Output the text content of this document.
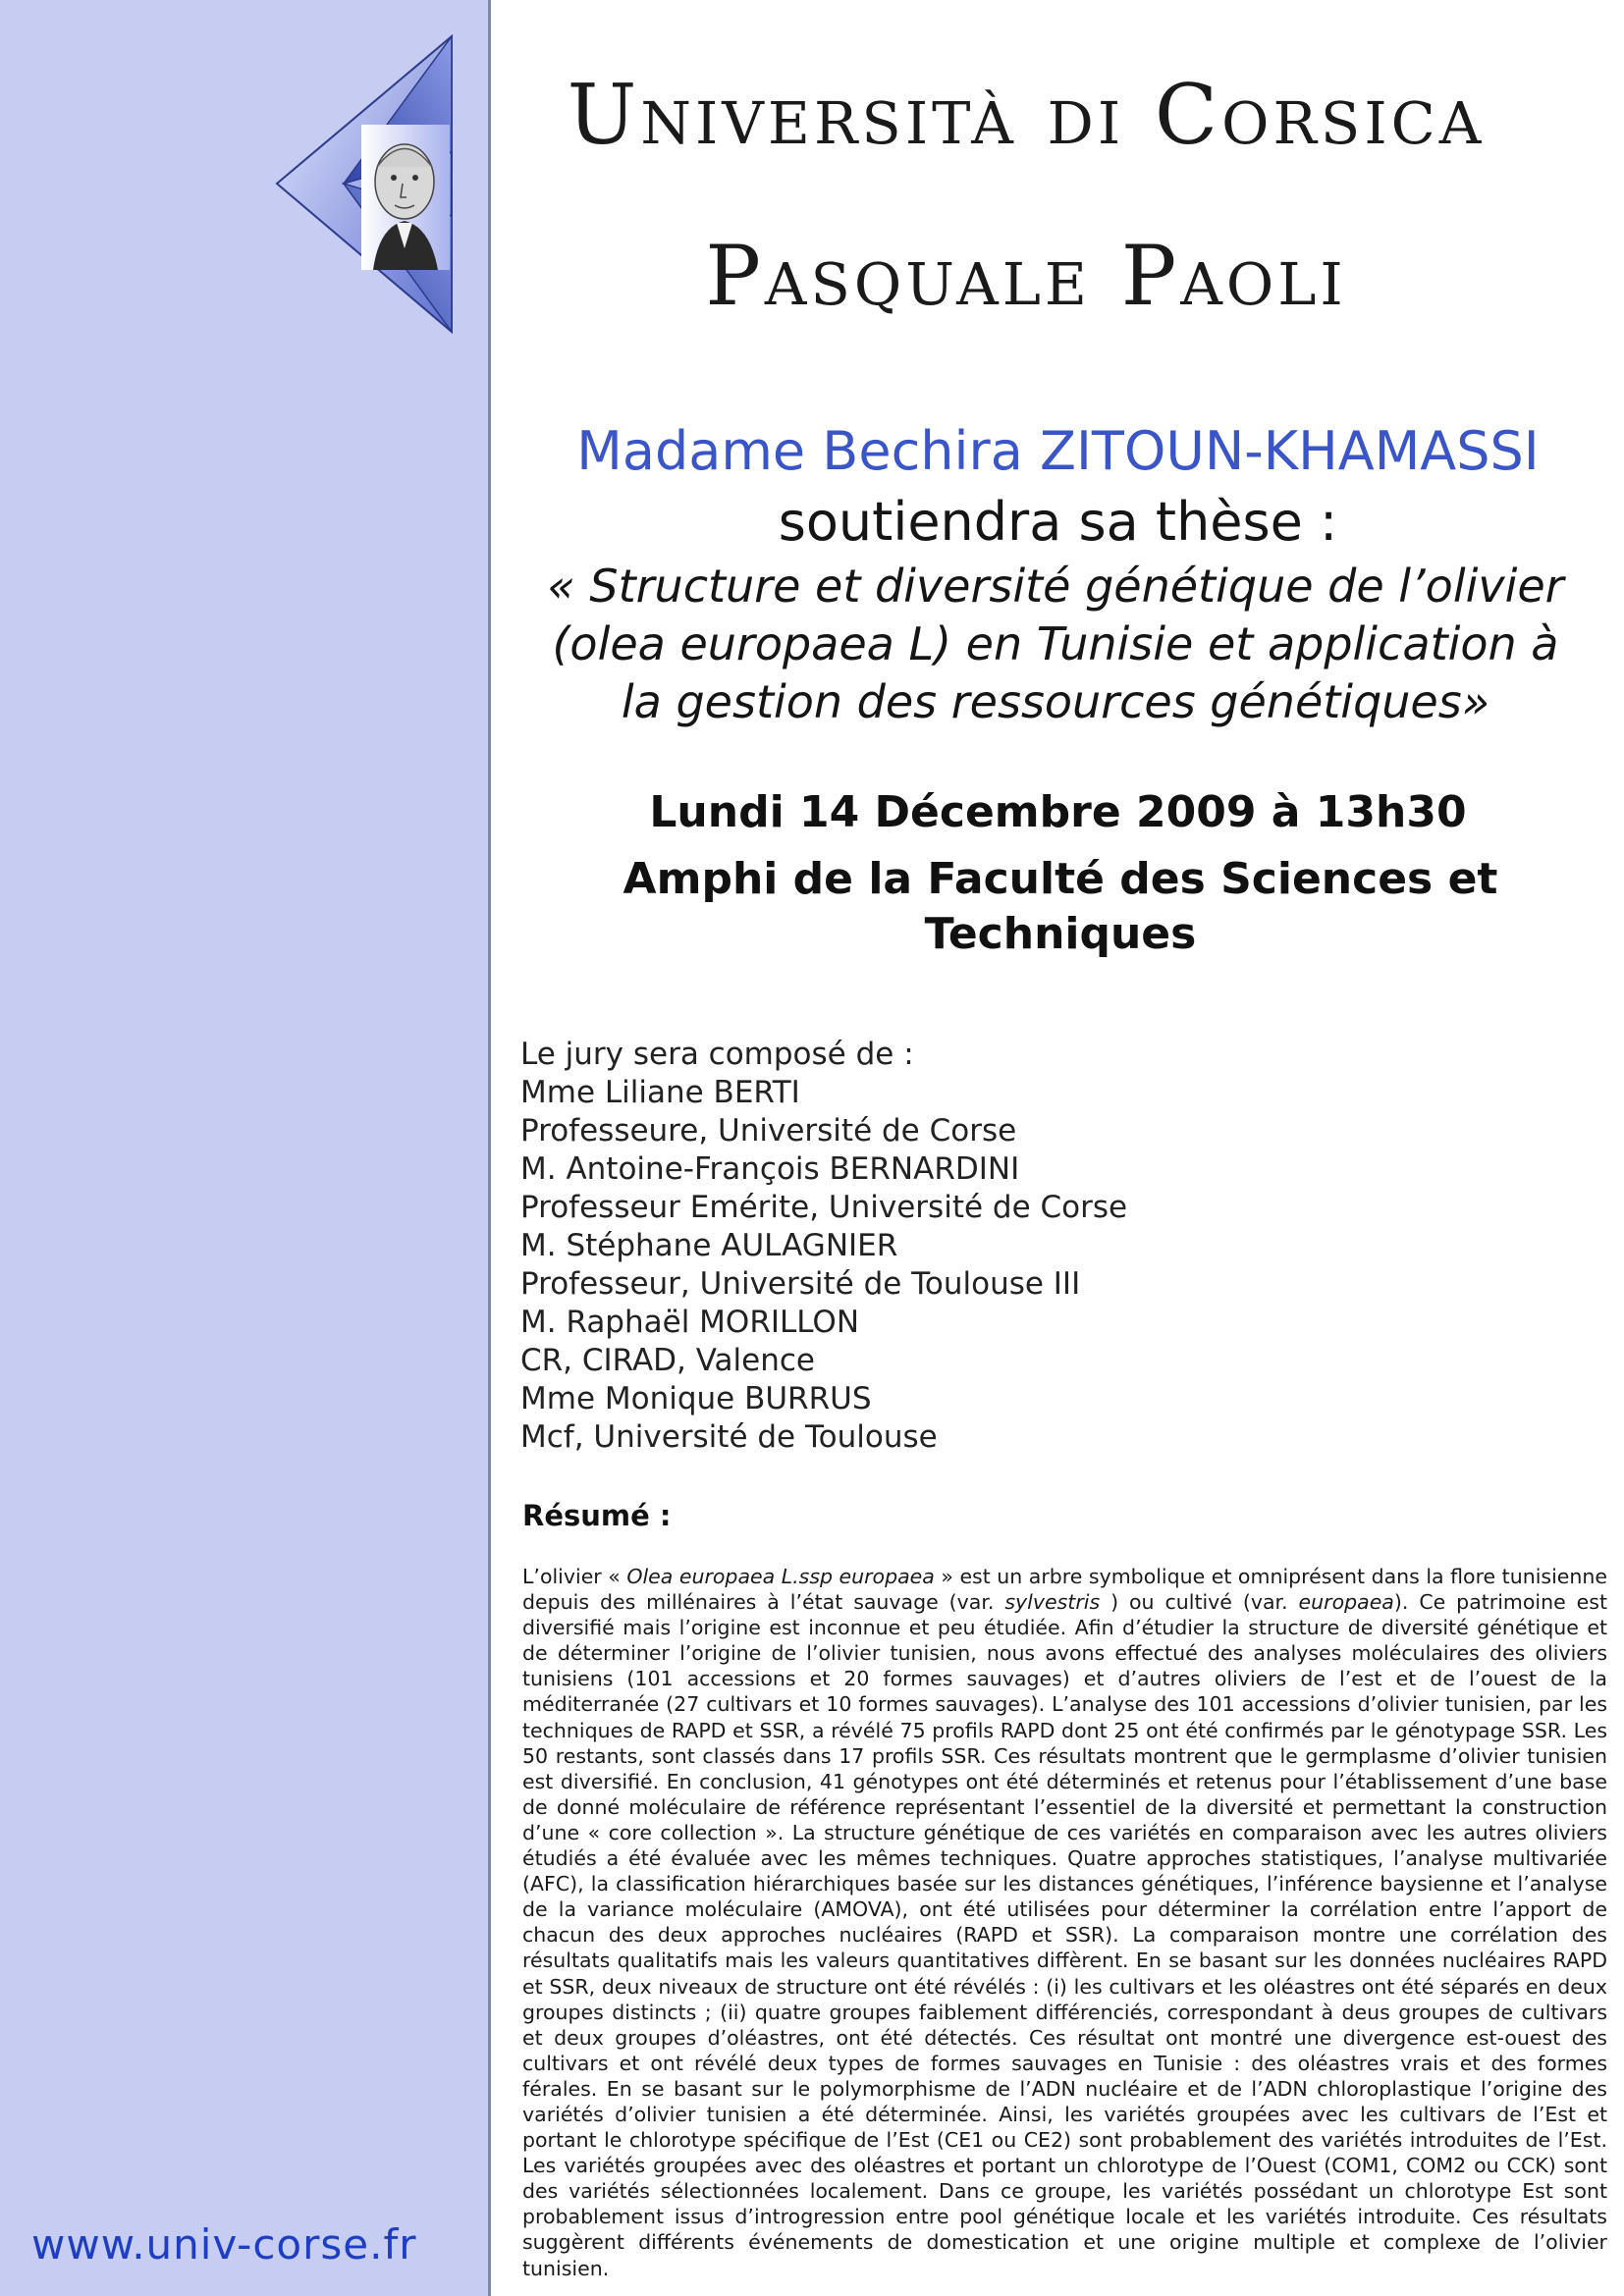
Università di Corsica
Pasquale Paoli
Madame Bechira ZITOUN-KHAMASSI
soutiendra sa thèse :
« Structure et diversité génétique de l’olivier (olea europaea L) en Tunisie et application à la gestion des ressources génétiques»
Lundi 14 Décembre 2009 à 13h30
Amphi de la Faculté des Sciences et Techniques
Le jury sera composé de :
Mme Liliane BERTI
Professeure, Université de Corse
M. Antoine-François BERNARDINI
Professeur Emérite, Université de Corse
M. Stéphane AULAGNIER
Professeur, Université de Toulouse III
M. Raphaël MORILLON
CR, CIRAD, Valence
Mme Monique BURRUS
Mcf, Université de Toulouse
Résumé :
L’olivier « Olea europaea L.ssp europaea » est un arbre symbolique et omniprésent dans la flore tunisienne depuis des millénaires à l’état sauvage (var. sylvestris ) ou cultivé (var. europaea). Ce patrimoine est diversifié mais l’origine est inconnue et peu étudiée. Afin d’étudier la structure de diversité génétique et de déterminer l’origine de l’olivier tunisien, nous avons effectué des analyses moléculaires des oliviers tunisiens (101 accessions et 20 formes sauvages) et d’autres oliviers de l’est et de l’ouest de la méditerranée (27 cultivars et 10 formes sauvages). L’analyse des 101 accessions d’olivier tunisien, par les techniques de RAPD et SSR, a révélé 75 profils RAPD dont 25 ont été confirmés par le génotypage SSR. Les 50 restants, sont classés dans 17 profils SSR. Ces résultats montrent que le germplasme d’olivier tunisien est diversifié. En conclusion, 41 génotypes ont été déterminés et retenus pour l’établissement d’une base de donné moléculaire de référence représentant l’essentiel de la diversité et permettant la construction d’une « core collection ». La structure génétique de ces variétés en comparaison avec les autres oliviers étudiés a été évaluée avec les mêmes techniques. Quatre approches statistiques, l’analyse multivariée (AFC), la classification hiérarchiques basée sur les distances génétiques, l’inférence baysienne et l’analyse de la variance moléculaire (AMOVA), ont été utilisées pour déterminer la corrélation entre l’apport de chacun des deux approches nucléaires (RAPD et SSR). La comparaison montre une corrélation des résultats qualitatifs mais les valeurs quantitatives diffèrent. En se basant sur les données nucléaires RAPD et SSR, deux niveaux de structure ont été révélés : (i) les cultivars et les oléastres ont été séparés en deux groupes distincts ; (ii) quatre groupes faiblement différenciés, correspondant à deus groupes de cultivars et deux groupes d’oléastres, ont été détectés. Ces résultat ont montré une divergence est-ouest des cultivars et ont révélé deux types de formes sauvages en Tunisie : des oléastres vrais et des formes férales. En se basant sur le polymorphisme de l’ADN nucléaire et de l’ADN chloroplastique l’origine des variétés d’olivier tunisien a été déterminée. Ainsi, les variétés groupées avec les cultivars de l’Est et portant le chlorotype spécifique de l’Est (CE1 ou CE2) sont probablement des variétés introduites de l’Est. Les variétés groupées avec des oléastres et portant un chlorotype de l’Ouest (COM1, COM2 ou CCK) sont des variétés sélectionnées localement. Dans ce groupe, les variétés possédant un chlorotype Est sont probablement issus d’introgression entre pool génétique locale et les variétés introduite. Ces résultats suggèrent différents événements de domestication et une origine multiple et complexe de l’olivier tunisien.
www.univ-corse.fr
